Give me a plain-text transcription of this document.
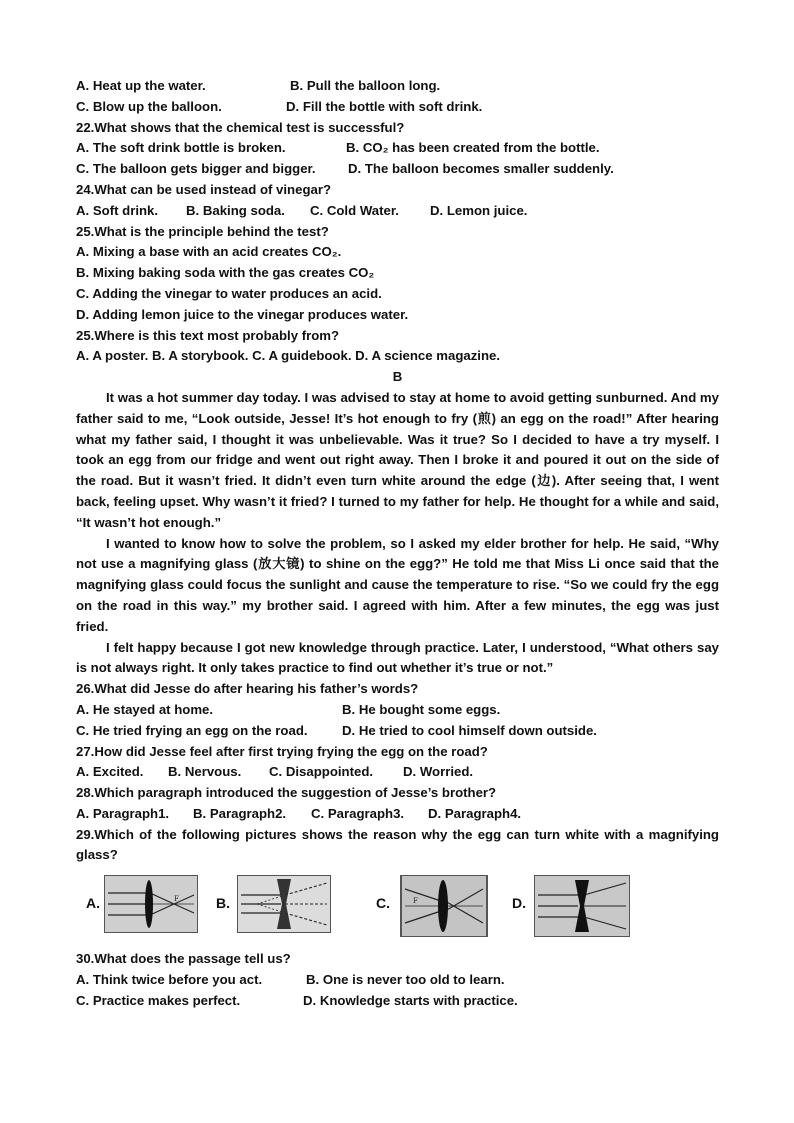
A. Heat up the water.	B. Pull the balloon long.
C. Blow up the balloon.	D. Fill the bottle with soft drink.
22.What shows that the chemical test is successful?
A. The soft drink bottle is broken.	B. CO₂ has been created from the bottle.
C. The balloon gets bigger and bigger. D. The balloon becomes smaller suddenly.
24.What can be used instead of vinegar?
A. Soft drink. B. Baking soda. C. Cold Water. D. Lemon juice.
25.What is the principle behind the test?
A. Mixing a base with an acid creates CO₂.
B. Mixing baking soda with the gas creates CO₂
C. Adding the vinegar to water produces an acid.
D. Adding lemon juice to the vinegar produces water.
25.Where is this text most probably from?
A. A poster. B. A storybook. C. A guidebook. D. A science magazine.
B

It was a hot summer day today. I was advised to stay at home to avoid getting sunburned. And my father said to me, “Look outside, Jesse! It’s hot enough to fry (煎) an egg on the road!” After hearing what my father said, I thought it was unbelievable. Was it true? So I decided to have a try myself. I took an egg from our fridge and went out right away. Then I broke it and poured it out on the side of the road. But it wasn’t fried. It didn’t even turn white around the edge (边). After seeing that, I went back, feeling upset. Why wasn’t it fried? I turned to my father for help. He thought for a while and said, “It wasn’t hot enough.”

I wanted to know how to solve the problem, so I asked my elder brother for help. He said, “Why not use a magnifying glass (放大镜) to shine on the egg?” He told me that Miss Li once said that the magnifying glass could focus the sunlight and cause the temperature to rise. “So we could fry the egg on the road in this way.” my brother said. I agreed with him. After a few minutes, the egg was just fried.

I felt happy because I got new knowledge through practice. Later, I understood, “What others say is not always right. It only takes practice to find out whether it’s true or not.”

26.What did Jesse do after hearing his father’s words?
A. He stayed at home.	B. He bought some eggs.
C. He tried frying an egg on the road.	D. He tried to cool himself down outside.
27.How did Jesse feel after first trying frying the egg on the road?
A. Excited. B. Nervous. C. Disappointed. D. Worried.
28.Which paragraph introduced the suggestion of Jesse’s brother?
A. Paragraph1. B. Paragraph2. C. Paragraph3. D. Paragraph4.

29.Which of the following pictures shows the reason why the egg can turn white with a magnifying glass?

A.	F	B.	C.	F	D.
30.What does the passage tell us?
A. Think twice before you act.	B. One is never too old to learn.
C. Practice makes perfect.	D. Knowledge starts with practice.
